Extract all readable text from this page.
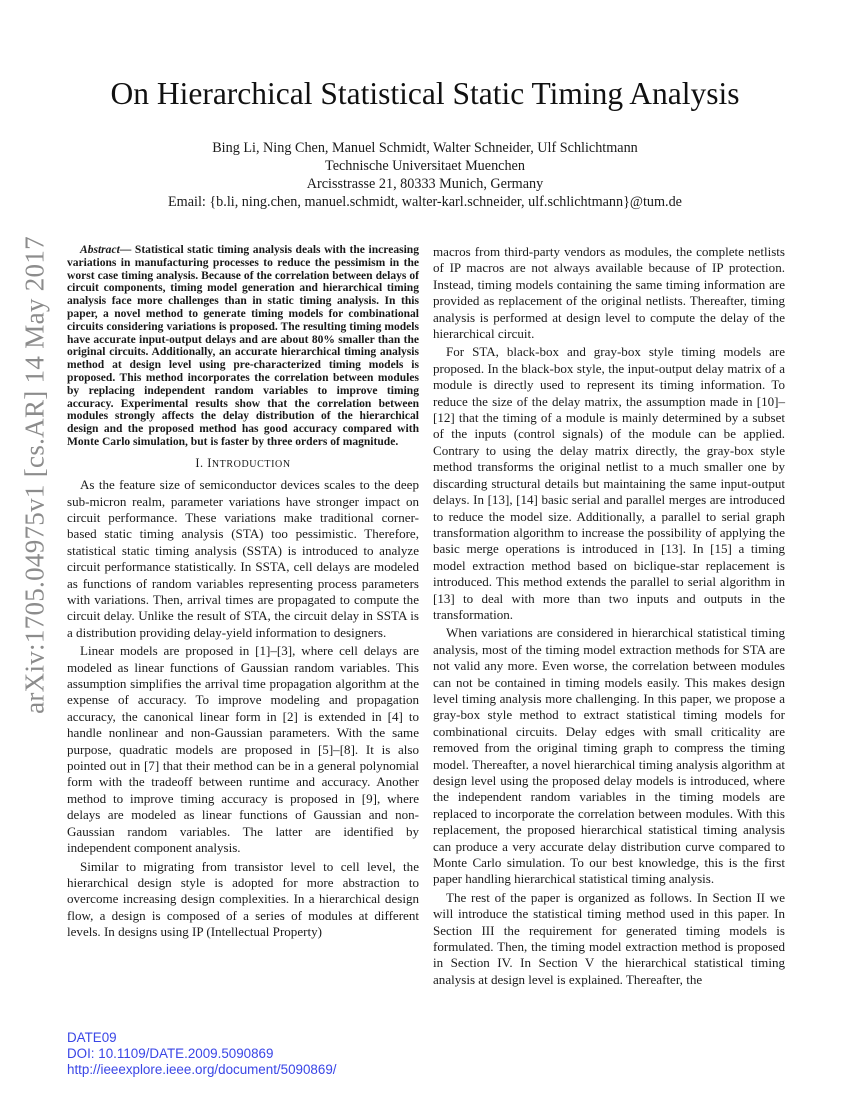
arXiv:1705.04975v1 [cs.AR] 14 May 2017
On Hierarchical Statistical Static Timing Analysis
Bing Li, Ning Chen, Manuel Schmidt, Walter Schneider, Ulf Schlichtmann
Technische Universitaet Muenchen
Arcisstrasse 21, 80333 Munich, Germany
Email: {b.li, ning.chen, manuel.schmidt, walter-karl.schneider, ulf.schlichtmann}@tum.de

Abstract— Statistical static timing analysis deals with the increasing variations in manufacturing processes to reduce the pessimism in the worst case timing analysis. Because of the correlation between delays of circuit components, timing model generation and hierarchical timing analysis face more challenges than in static timing analysis. In this paper, a novel method to generate timing models for combinational circuits considering variations is proposed. The resulting timing models have accurate input-output delays and are about 80% smaller than the original circuits. Additionally, an accurate hierarchical timing analysis method at design level using pre-characterized timing models is proposed. This method incorporates the correlation between modules by replacing independent random variables to improve timing accuracy. Experimental results show that the correlation between modules strongly affects the delay distribution of the hierarchical design and the proposed method has good accuracy compared with Monte Carlo simulation, but is faster by three orders of magnitude.

I. INTRODUCTION

As the feature size of semiconductor devices scales to the deep sub-micron realm, parameter variations have stronger impact on circuit performance. These variations make traditional corner-based static timing analysis (STA) too pessimistic. Therefore, statistical static timing analysis (SSTA) is introduced to analyze circuit performance statistically. In SSTA, cell delays are modeled as functions of random variables representing process parameters with variations. Then, arrival times are propagated to compute the circuit delay. Unlike the result of STA, the circuit delay in SSTA is a distribution providing delay-yield information to designers.

Linear models are proposed in [1]–[3], where cell delays are modeled as linear functions of Gaussian random variables. This assumption simplifies the arrival time propagation algorithm at the expense of accuracy. To improve modeling and propagation accuracy, the canonical linear form in [2] is extended in [4] to handle nonlinear and non-Gaussian parameters. With the same purpose, quadratic models are proposed in [5]–[8]. It is also pointed out in [7] that their method can be in a general polynomial form with the tradeoff between runtime and accuracy. Another method to improve timing accuracy is proposed in [9], where delays are modeled as linear functions of Gaussian and non-Gaussian random variables. The latter are identified by independent component analysis.

Similar to migrating from transistor level to cell level, the hierarchical design style is adopted for more abstraction to overcome increasing design complexities. In a hierarchical design flow, a design is composed of a series of modules at different levels. In designs using IP (Intellectual Property)

macros from third-party vendors as modules, the complete netlists of IP macros are not always available because of IP protection. Instead, timing models containing the same timing information are provided as replacement of the original netlists. Thereafter, timing analysis is performed at design level to compute the delay of the hierarchical circuit.

For STA, black-box and gray-box style timing models are proposed. In the black-box style, the input-output delay matrix of a module is directly used to represent its timing information. To reduce the size of the delay matrix, the assumption made in [10]–[12] that the timing of a module is mainly determined by a subset of the inputs (control signals) of the module can be applied. Contrary to using the delay matrix directly, the gray-box style method transforms the original netlist to a much smaller one by discarding structural details but maintaining the same input-output delays. In [13], [14] basic serial and parallel merges are introduced to reduce the model size. Additionally, a parallel to serial graph transformation algorithm to increase the possibility of applying the basic merge operations is introduced in [13]. In [15] a timing model extraction method based on biclique-star replacement is introduced. This method extends the parallel to serial algorithm in [13] to deal with more than two inputs and outputs in the transformation.

When variations are considered in hierarchical statistical timing analysis, most of the timing model extraction methods for STA are not valid any more. Even worse, the correlation between modules can not be contained in timing models easily. This makes design level timing analysis more challenging. In this paper, we propose a gray-box style method to extract statistical timing models for combinational circuits. Delay edges with small criticality are removed from the original timing graph to compress the timing model. Thereafter, a novel hierarchical timing analysis algorithm at design level using the proposed delay models is introduced, where the independent random variables in the timing models are replaced to incorporate the correlation between modules. With this replacement, the proposed hierarchical statistical timing analysis can produce a very accurate delay distribution curve compared to Monte Carlo simulation. To our best knowledge, this is the first paper handling hierarchical statistical timing analysis.

The rest of the paper is organized as follows. In Section II we will introduce the statistical timing method used in this paper. In Section III the requirement for generated timing models is formulated. Then, the timing model extraction method is proposed in Section IV. In Section V the hierarchical statistical timing analysis at design level is explained. Thereafter, the

DATE09
DOI: 10.1109/DATE.2009.5090869
http://ieeexplore.ieee.org/document/5090869/
